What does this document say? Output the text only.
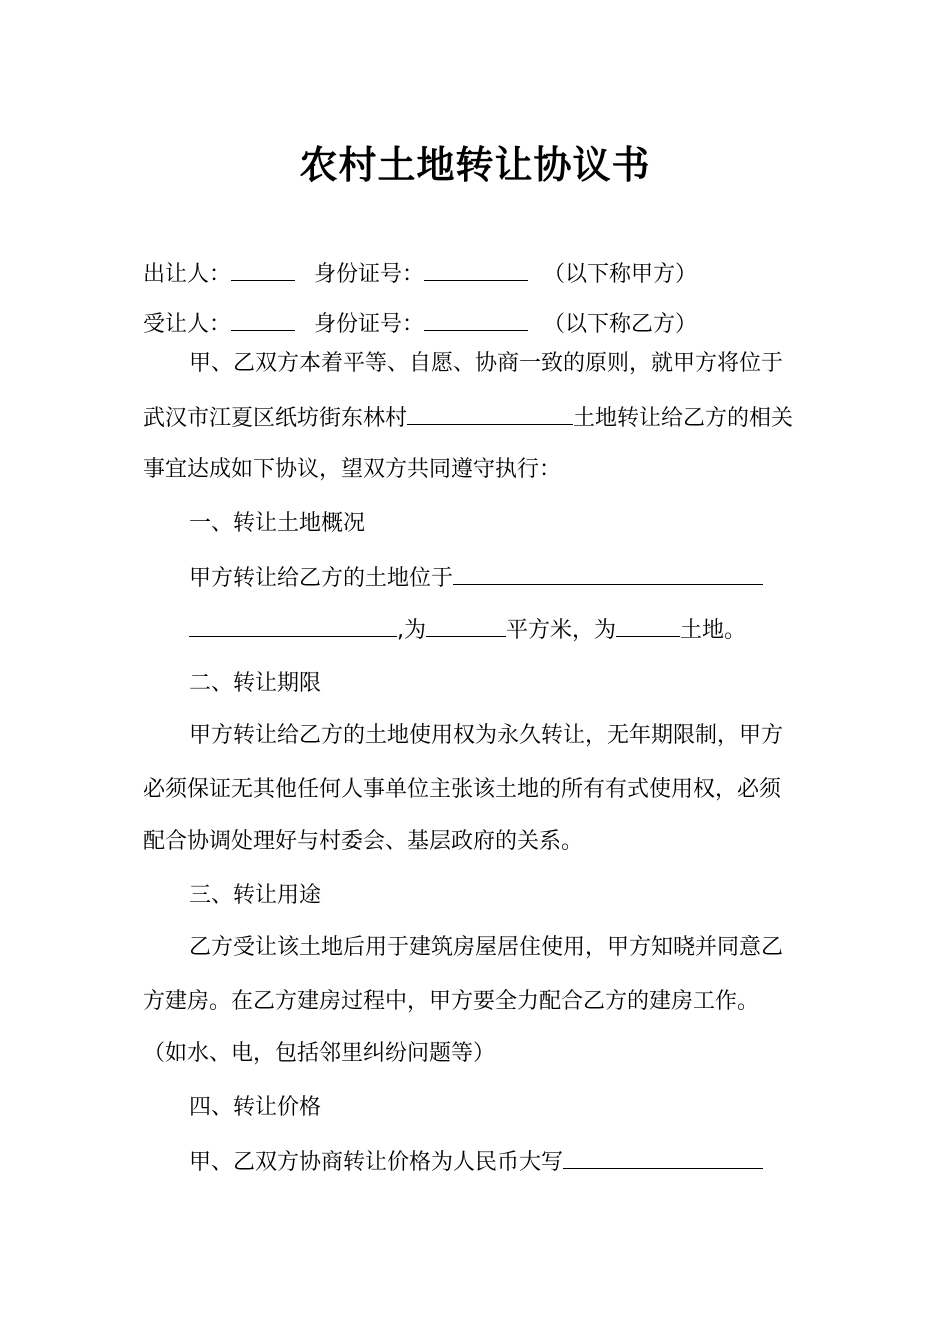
农村土地转让协议书
出让人：	身份证号：	（以下称甲方）
受让人：	身份证号：	（以下称乙方）
甲、乙双方本着平等、自愿、协商一致的原则，就甲方将位于
武汉市江夏区纸坊街东林村	土地转让给乙方的相关
事宜达成如下协议，望双方共同遵守执行：
一、转让土地概况
甲方转让给乙方的土地位于
,为	平方米，为	土地。
二、转让期限
甲方转让给乙方的土地使用权为永久转让，无年期限制，甲方
必须保证无其他任何人事单位主张该土地的所有有式使用权，必须
配合协调处理好与村委会、基层政府的关系。
三、转让用途
乙方受让该土地后用于建筑房屋居住使用，甲方知晓并同意乙
方建房。在乙方建房过程中，甲方要全力配合乙方的建房工作。
（如水、电，包括邻里纠纷问题等）
四、转让价格
甲、乙双方协商转让价格为人民币大写
